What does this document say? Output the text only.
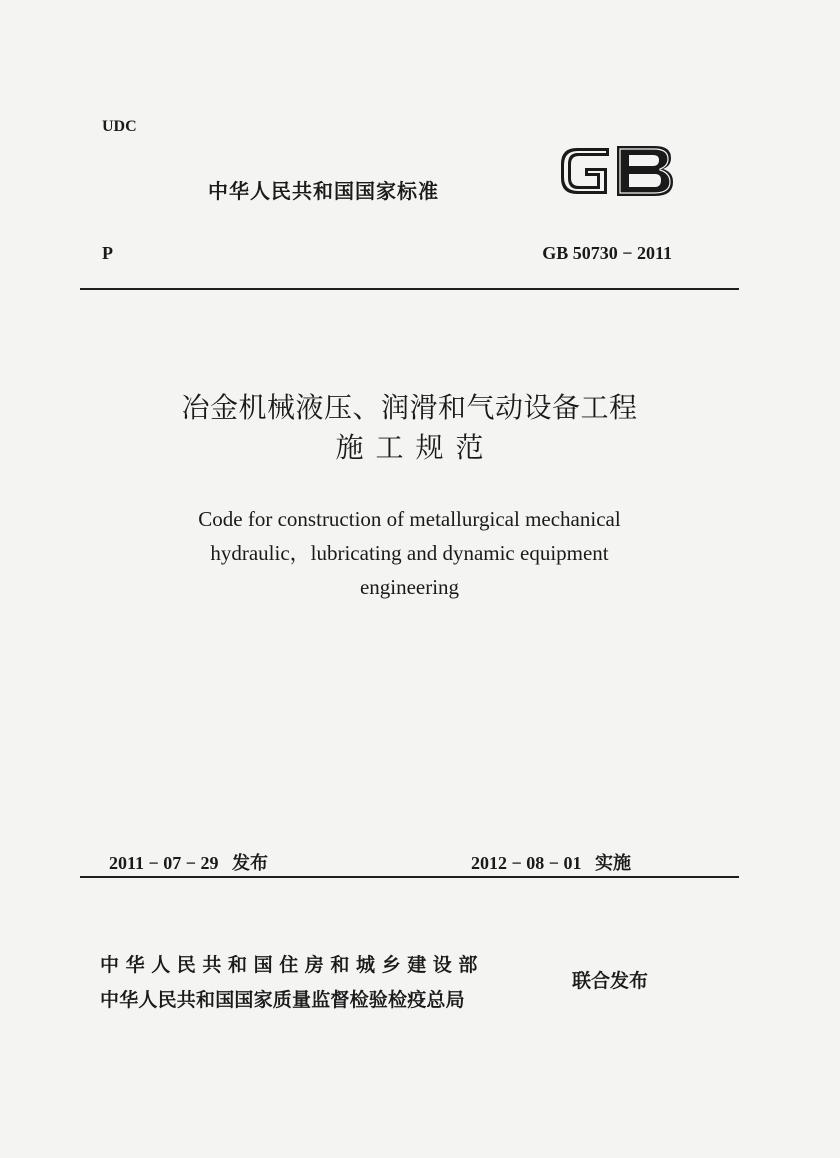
UDC
中华人民共和国国家标准
P	GB 50730 − 2011
冶金机械液压、润滑和气动设备工程
施工规范
Code for construction of metallurgical mechanical
hydraulic，lubricating and dynamic equipment
engineering

2011 − 07 − 29 发布	2012 − 08 − 01 实施

中华人民共和国住房和城乡建设部
中华人民共和国国家质量监督检验检疫总局
联合发布
